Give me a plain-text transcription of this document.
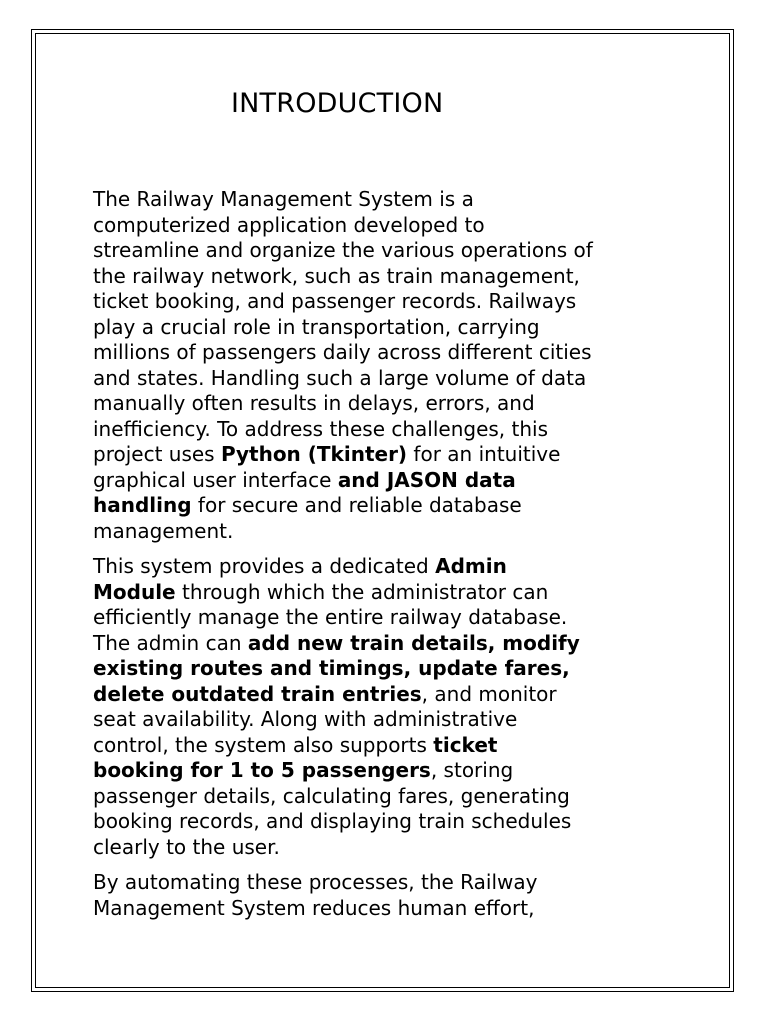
INTRODUCTION

The Railway Management System is a
computerized application developed to
streamline and organize the various operations of
the railway network, such as train management,
ticket booking, and passenger records. Railways
play a crucial role in transportation, carrying
millions of passengers daily across different cities
and states. Handling such a large volume of data
manually often results in delays, errors, and
inefficiency. To address these challenges, this
project uses Python (Tkinter) for an intuitive
graphical user interface and JASON data
handling for secure and reliable database
management.

This system provides a dedicated Admin
Module through which the administrator can
efficiently manage the entire railway database.
The admin can add new train details, modify
existing routes and timings, update fares,
delete outdated train entries, and monitor
seat availability. Along with administrative
control, the system also supports ticket
booking for 1 to 5 passengers, storing
passenger details, calculating fares, generating
booking records, and displaying train schedules
clearly to the user.

By automating these processes, the Railway
Management System reduces human effort,
